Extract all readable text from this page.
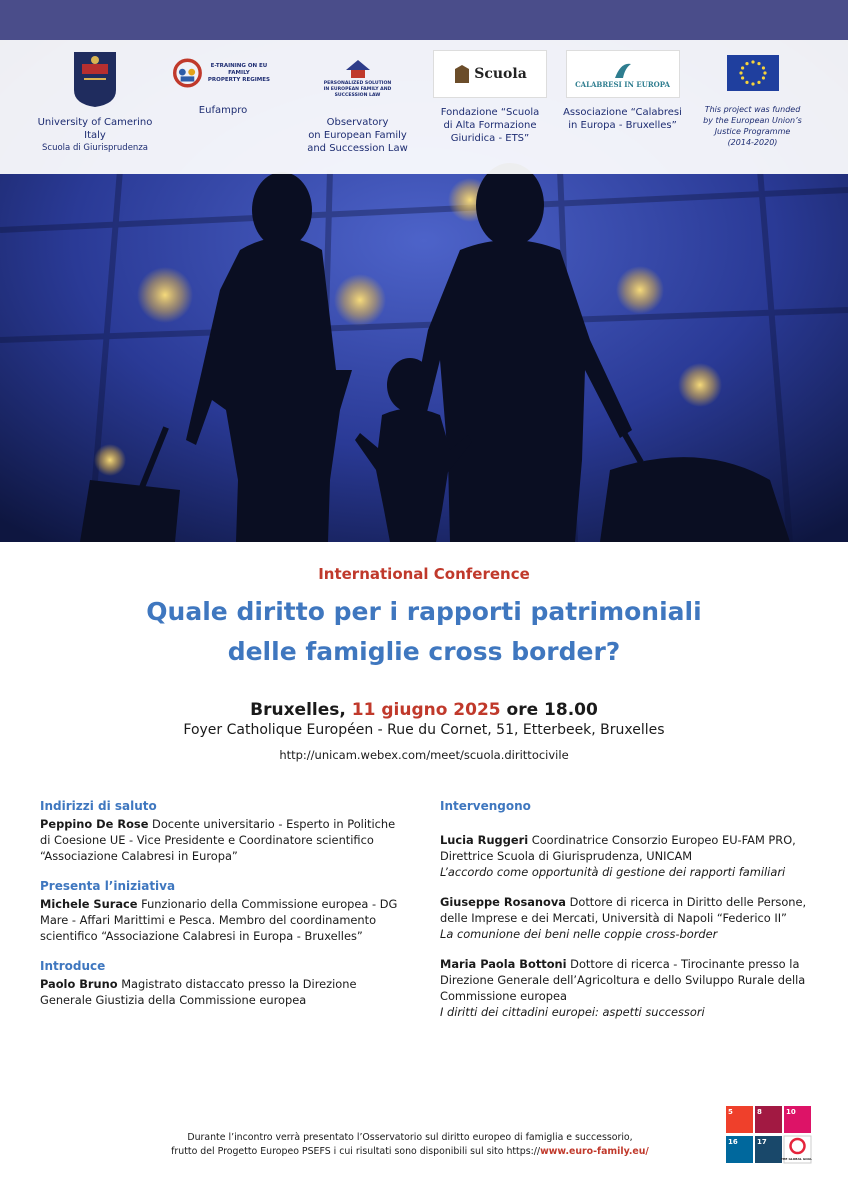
University of Camerino
Italy
Scuola di Giurisprudenza
E-TRAINING ON EU FAMILY
PROPERTY REGIMES
Eufampro
PERSONALIZED SOLUTION
IN EUROPEAN FAMILY AND
SUCCESSION LAW
Observatory
on European Family
and Succession Law
Scuola
Fondazione “Scuola
di Alta Formazione
Giuridica - ETS”
CALABRESI IN EUROPA
Associazione “Calabresi
in Europa - Bruxelles”
This project was funded
by the European Union’s
Justice Programme
(2014-2020)
International Conference
Quale diritto per i rapporti patrimoniali
delle famiglie cross border?
Bruxelles, 11 giugno 2025 ore 18.00
Foyer Catholique Européen - Rue du Cornet, 51, Etterbeek, Bruxelles
http://unicam.webex.com/meet/scuola.dirittocivile
Indirizzi di saluto
Peppino De Rose Docente universitario - Esperto in Politiche di Coesione UE - Vice Presidente e Coordinatore scientifico “Associazione Calabresi in Europa”
Presenta l’iniziativa
Michele Surace Funzionario della Commissione europea - DG Mare - Affari Marittimi e Pesca. Membro del coordinamento scientifico “Associazione Calabresi in Europa - Bruxelles”
Introduce
Paolo Bruno Magistrato distaccato presso la Direzione Generale Giustizia della Commissione europea
Intervengono
Lucia Ruggeri Coordinatrice Consorzio Europeo EU-FAM PRO, Direttrice Scuola di Giurisprudenza, UNICAM
L’accordo come opportunità di gestione dei rapporti familiari
Giuseppe Rosanova Dottore di ricerca in Diritto delle Persone, delle Imprese e dei Mercati, Università di Napoli “Federico II”
La comunione dei beni nelle coppie cross-border
Maria Paola Bottoni Dottore di ricerca - Tirocinante presso la Direzione Generale dell’Agricoltura e dello Sviluppo Rurale della Commissione europea
I diritti dei cittadini europei: aspetti successori
Durante l’incontro verrà presentato l’Osservatorio sul diritto europeo di famiglia e successorio,
frutto del Progetto Europeo PSEFS i cui risultati sono disponibili sul sito https://www.euro-family.eu/
5	8	10
16	17
THE GLOBAL GOALS
